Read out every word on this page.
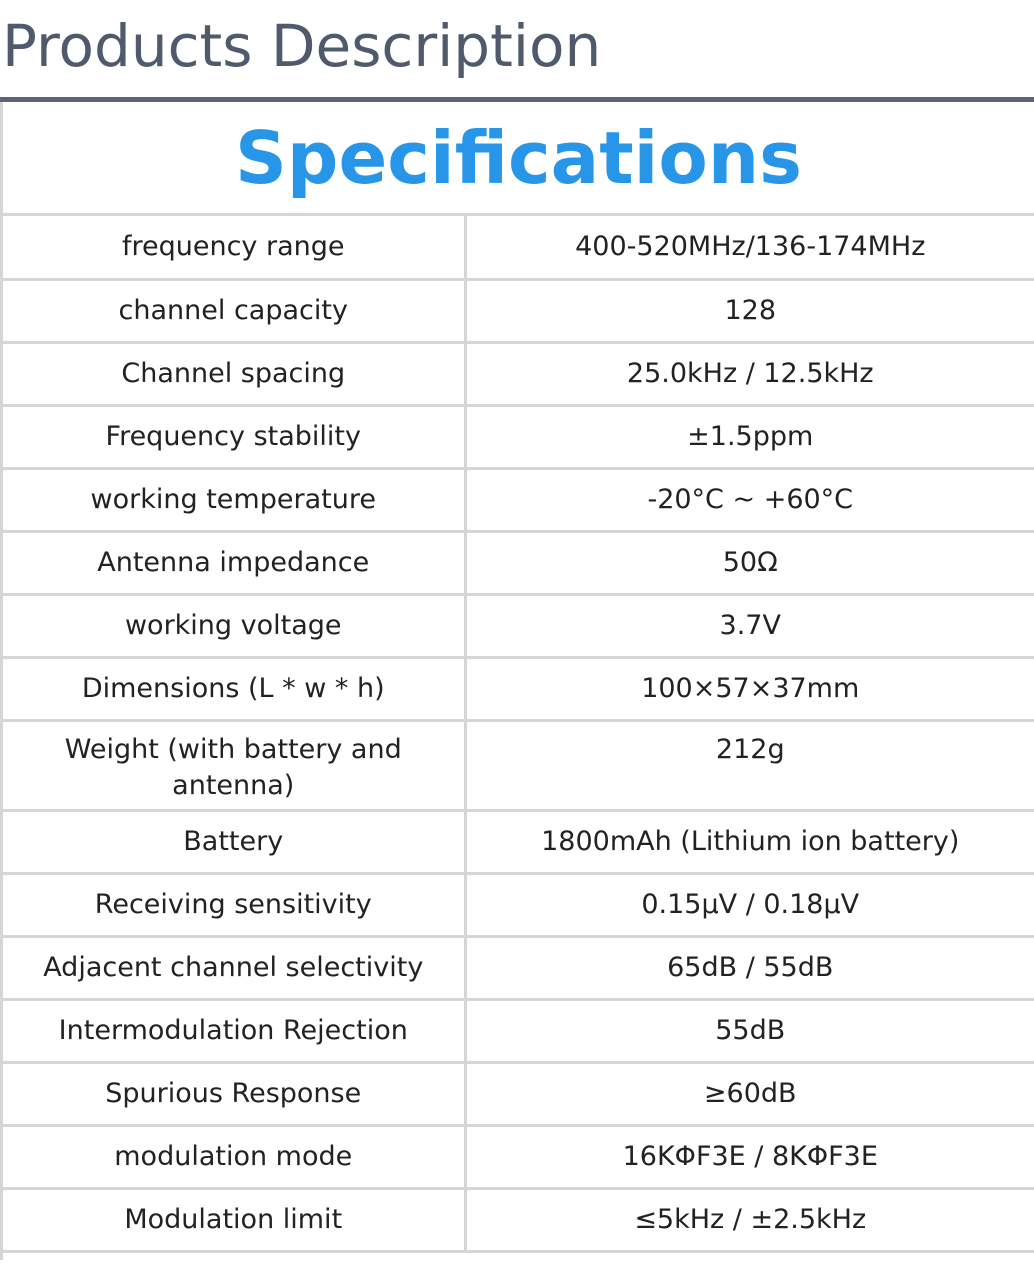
Products Description
Specifications
frequency range	400-520MHz/136-174MHz
channel capacity	128
Channel spacing	25.0kHz / 12.5kHz
Frequency stability	±1.5ppm
working temperature	-20°C ~ +60°C
Antenna impedance	50Ω
working voltage	3.7V
Dimensions (L * w * h)	100×57×37mm
Weight (with battery and antenna)	212g
Battery	1800mAh (Lithium ion battery)
Receiving sensitivity	0.15μV / 0.18μV
Adjacent channel selectivity	65dB / 55dB
Intermodulation Rejection	55dB
Spurious Response	≥60dB
modulation mode	16KΦF3E / 8KΦF3E
Modulation limit	≤5kHz / ±2.5kHz
